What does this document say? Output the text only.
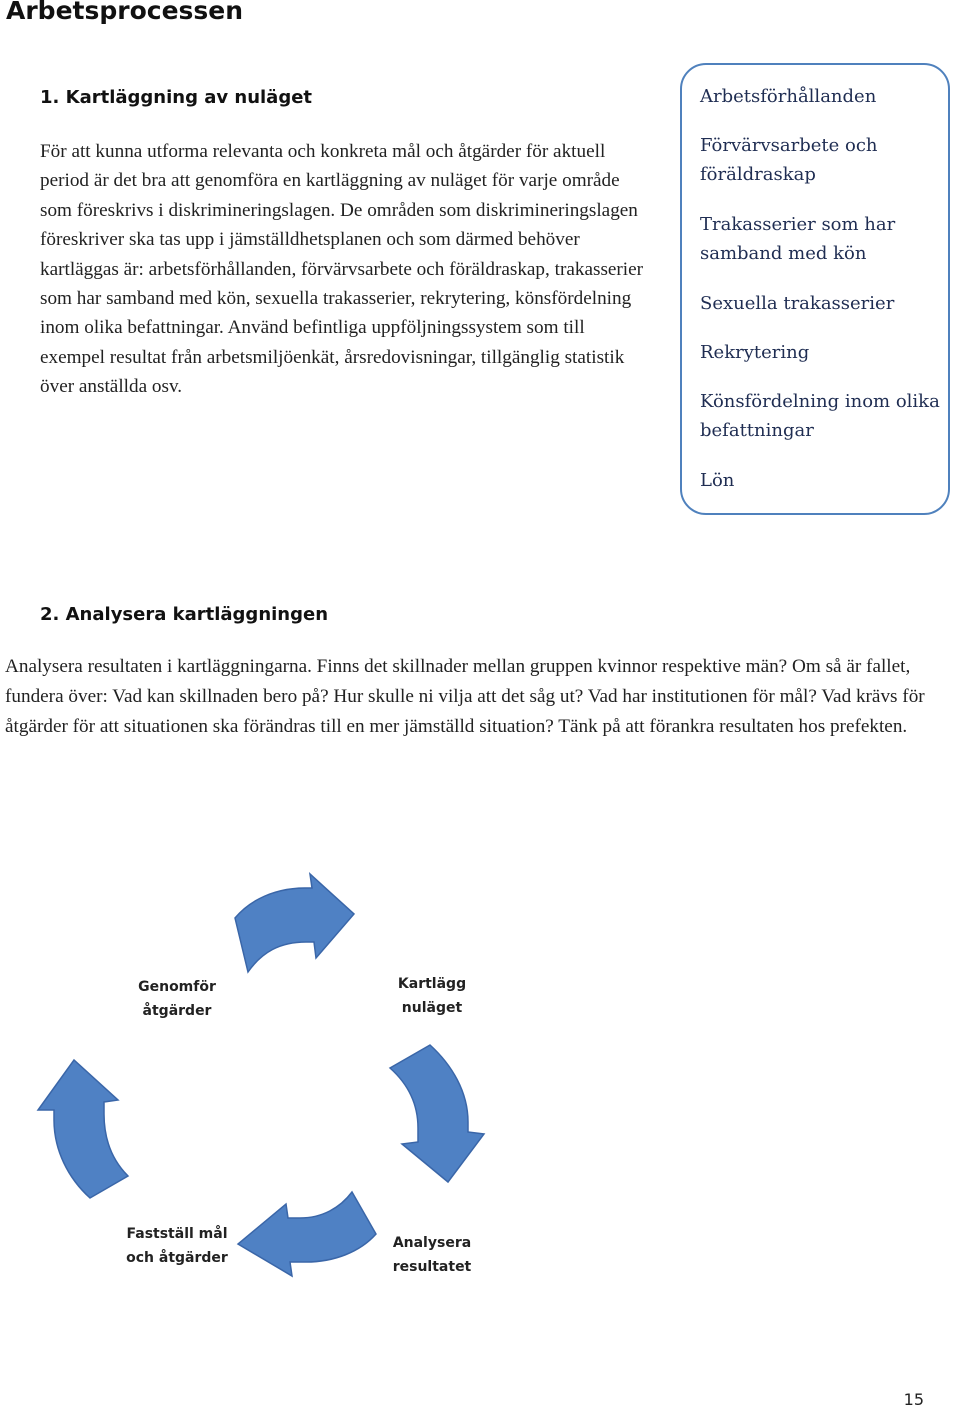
Arbetsprocessen
1. Kartläggning av nuläget

För att kunna utforma relevanta och konkreta mål och åtgärder för aktuell period är det bra att genomföra en kartläggning av nuläget för varje område som föreskrivs i diskrimineringslagen. De områden som diskrimineringslagen föreskriver ska tas upp i jämställdhetsplanen och som därmed behöver kartläggas är: arbetsförhållanden, förvärvsarbete och föräldraskap, trakasserier som har samband med kön, sexuella trakasserier, rekrytering, könsfördelning inom olika befattningar. Använd befintliga uppföljningssystem som till exempel resultat från arbetsmiljöenkät, årsredovisningar, tillgänglig statistik över anställda osv.

Arbetsförhållanden
Förvärvsarbete och föräldraskap
Trakasserier som har samband med kön
Sexuella trakasserier
Rekrytering
Könsfördelning inom olika befattningar
Lön
2. Analysera kartläggningen

Analysera resultaten i kartläggningarna. Finns det skillnader mellan gruppen kvinnor respektive män? Om så är fallet, fundera över: Vad kan skillnaden bero på? Hur skulle ni vilja att det såg ut? Vad har institutionen för mål? Vad krävs för åtgärder för att situationen ska förändras till en mer jämställd situation? Tänk på att förankra resultaten hos prefekten.

Kartlägg
nuläget
Analysera
resultatet
Fastställ mål
och åtgärder
Genomför
åtgärder
15
